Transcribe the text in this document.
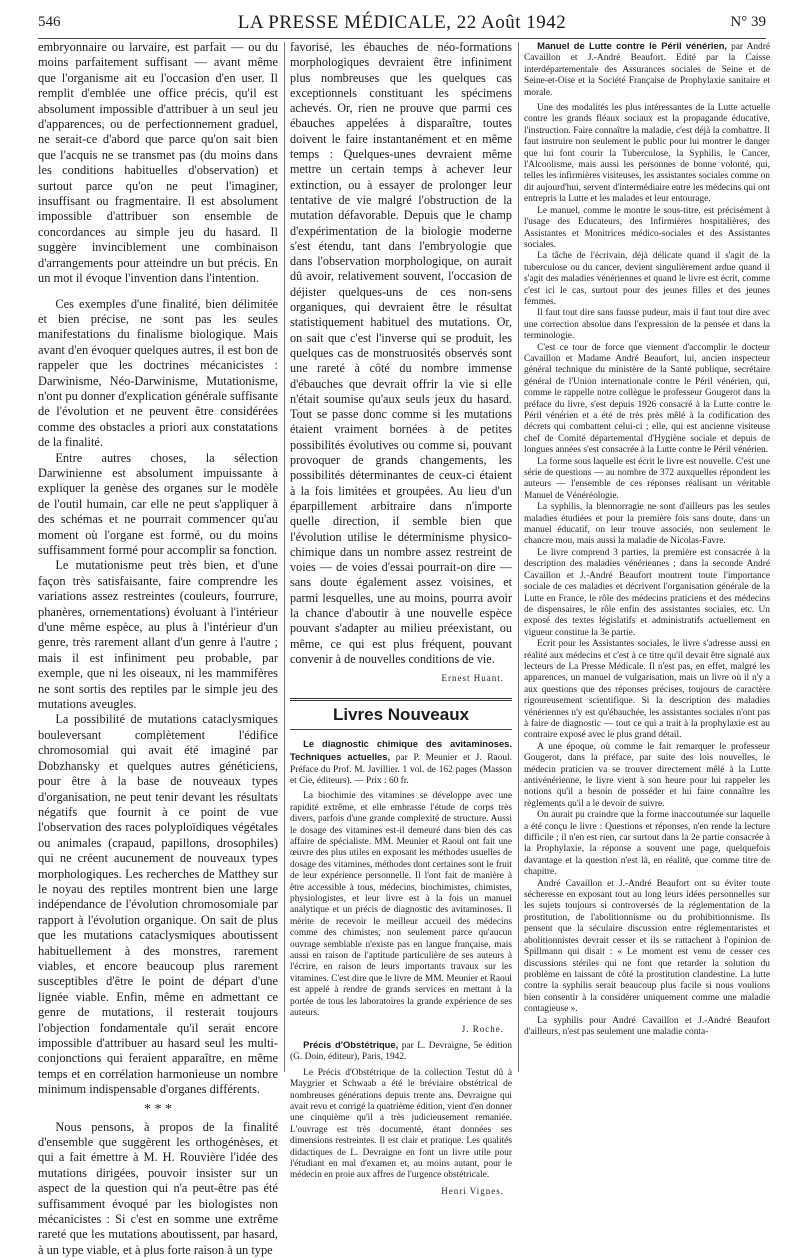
546	LA PRESSE MÉDICALE, 22 Août 1942	N° 39

embryonnaire ou larvaire, est parfait — ou du moins parfaitement suffisant — avant même que l'organisme ait eu l'occasion d'en user. Il remplit d'emblée une office précis, qu'il est absolument impossible d'attribuer à un seul jeu d'apparences, ou de perfectionnement graduel, ne serait-ce d'abord que parce qu'on sait bien que l'acquis ne se transmet pas (du moins dans les conditions habituelles d'observation) et surtout parce qu'on ne peut l'imaginer, insuffisant ou fragmentaire. Il est absolument impossible d'attribuer son ensemble de concordances au simple jeu du hasard. Il suggère invinciblement une combinaison d'arrangements pour atteindre un but précis. En un mot il évoque l'invention dans l'intention.

Ces exemples d'une finalité, bien délimitée et bien précise, ne sont pas les seules manifestations du finalisme biologique. Mais avant d'en évoquer quelques autres, il est bon de rappeler que les doctrines mécanicistes : Darwinisme, Néo-Darwinisme, Mutationisme, n'ont pu donner d'explication générale suffisante de l'évolution et ne peuvent être considérées comme des obstacles a priori aux constatations de la finalité.

Entre autres choses, la sélection Darwinienne est absolument impuissante à expliquer la genèse des organes sur le modèle de l'outil humain, car elle ne peut s'appliquer à des schémas et ne pourrait commencer qu'au moment où l'organe est formé, ou du moins suffisamment formé pour accomplir sa fonction.

Le mutationisme peut très bien, et d'une façon très satisfaisante, faire comprendre les variations assez restreintes (couleurs, fourrure, phanères, ornementations) évoluant à l'intérieur d'une même espèce, au plus à l'intérieur d'un genre, très rarement allant d'un genre à l'autre ; mais il est infiniment peu probable, par exemple, que ni les oiseaux, ni les mammifères ne sont sortis des reptiles par le simple jeu des mutations aveugles.

La possibilité de mutations cataclysmiques bouleversant complètement l'édifice chromosomial qui avait été imaginé par Dobzhansky et quelques autres généticiens, pour être à la base de nouveaux types d'organisation, ne peut tenir devant les résultats négatifs que fournit à ce point de vue l'observation des races polyploïdiques végétales ou animales (crapaud, papillons, drosophiles) qui ne créent aucunement de nouveaux types morphologiques. Les recherches de Matthey sur le noyau des reptiles montrent bien une large indépendance de l'évolution chromosomiale par rapport à l'évolution organique. On sait de plus que les mutations cataclysmiques aboutissent habituellement à des monstres, rarement viables, et encore beaucoup plus rarement susceptibles d'être le point de départ d'une lignée viable. Enfin, même en admettant ce genre de mutations, il resterait toujours l'objection fondamentale qu'il serait encore impossible d'attribuer au hasard seul les multi-conjonctions qui feraient apparaître, en même temps et en corrélation harmonieuse un nombre minimum indispensable d'organes différents.

* * *

Nous pensons, à propos de la finalité d'ensemble que suggèrent les orthogénèses, et qui a fait émettre à M. H. Rouvière l'idée des mutations dirigées, pouvoir insister sur un aspect de la question qui n'a peut-être pas été suffisamment évoqué par les biologistes non mécanicistes : Si c'est en somme une extrême rareté que les mutations aboutissent, par hasard, à un type viable, et à plus forte raison à un type

favorisé, les ébauches de néo-formations morphologiques devraient être infiniment plus nombreuses que les quelques cas exceptionnels constituant les spécimens achevés. Or, rien ne prouve que parmi ces ébauches appelées à disparaître, toutes doivent le faire instantanément et en même temps : Quelques-unes devraient même mettre un certain temps à achever leur extinction, ou à essayer de prolonger leur tentative de vie malgré l'obstruction de la mutation défavorable. Depuis que le champ d'expérimentation de la biologie moderne s'est étendu, tant dans l'embryologie que dans l'observation morphologique, on aurait dû avoir, relativement souvent, l'occasion de déjister quelques-uns de ces non-sens organiques, qui devraient être le résultat statistiquement habituel des mutations. Or, on sait que c'est l'inverse qui se produit, les quelques cas de monstruosités observés sont une rareté à côté du nombre immense d'ébauches que devrait offrir la vie si elle n'était soumise qu'aux seuls jeux du hasard. Tout se passe donc comme si les mutations étaient vraiment bornées à de petites possibilités évolutives ou comme si, pouvant provoquer de grands changements, les possibilités déterminantes de ceux-ci étaient à la fois limitées et groupées. Au lieu d'un éparpillement arbitraire dans n'importe quelle direction, il semble bien que l'évolution utilise le déterminisme physico-chimique dans un nombre assez restreint de voies — de voies d'essai pourrait-on dire — sans doute également assez voisines, et parmi lesquelles, une au moins, pourra avoir la chance d'aboutir à une nouvelle espèce pouvant s'adapter au milieu préexistant, ou même, ce qui est plus fréquent, pouvant convenir à de nouvelles conditions de vie.

Ernest Huant.
Livres Nouveaux

Le diagnostic chimique des avitaminoses. Techniques actuelles, par P. Meunier et J. Raoul. Préface du Prof. M. Javillier. 1 vol. de 162 pages (Masson et Cie, éditeurs). — Prix : 60 fr.

La biochimie des vitamines se développe avec une rapidité extrême, et elle embrasse l'étude de corps très divers, parfois d'une grande complexité de structure. Aussi le dosage des vitamines est-il demeuré dans bien des cas affaire de spécialiste. MM. Meunier et Raoul ont fait une œuvre des plus utiles en exposant les méthodes usuelles de dosage des vitamines, méthodes dont certaines sont le fruit de leur expérience personnelle. Il l'ont fait de manière à être accessible à tous, médecins, biochimistes, chimistes, physiologistes, et leur livre est à la fois un manuel analytique et un précis de diagnostic des avitaminoses. Il mérite de recevoir le meilleur accueil des médecins comme des chimistes, non seulement parce qu'aucun ouvrage semblable n'existe pas en langue française, mais aussi en raison de l'aptitude particulière de ses auteurs à l'écrire, en raison de leurs importants travaux sur les vitamines. C'est dire que le livre de MM. Meunier et Raoul est appelé à rendre de grands services en mettant à la portée de tous les laboratoires la grande expérience de ses auteurs.

J. Roche.

Précis d'Obstétrique, par L. Devraigne, 5e édition (G. Doin, éditeur), Paris, 1942.

Le Précis d'Obstétrique de la collection Testut dû à Maygrier et Schwaab a été le bréviaire obstétrical de nombreuses générations depuis trente ans. Devraigne qui avait revu et corrigé la quatrième édition, vient d'en donner une cinquième qu'il a très judicieusement remaniée. L'ouvrage est très documenté, étant données ses dimensions restreintes. Il est clair et pratique. Les qualités didactiques de L. Devraigne en font un livre utile pour l'étudiant en mal d'examen et, au moins autant, pour le médecin en proie aux affres de l'urgence obstétricale.

Henri Vignes.

Manuel de Lutte contre le Péril vénérien, par André Cavaillon et J.-André Beaufort. Edité par la Caisse interdépartementale des Assurances sociales de Seine et de Seine-et-Oise et la Société Française de Prophylaxie sanitaire et morale.

Une des modalités les plus intéressantes de la Lutte actuelle contre les grands fléaux sociaux est la propagande éducative, l'instruction. Faire connaître la maladie, c'est déjà la combattre. Il faut instruire non seulement le public pour lui montrer le danger que lui font courir la Tuberculose, la Syphilis, le Cancer, l'Alcoolisme, mais aussi les personnes de bonne volonté, qui, telles les infirmières visiteuses, les assistantes sociales comme on dit aujourd'hui, servent d'intermédiaire entre les médecins qui ont entrepris la Lutte et les malades et leur entourage.

Le manuel, comme le montre le sous-titre, est précisément à l'usage des Educateurs, des Infirmières hospitalières, des Assistantes et Monitrices médico-sociales et des Assistantes sociales.

La tâche de l'écrivain, déjà délicate quand il s'agit de la tuberculose ou du cancer, devient singulièrement ardue quand il s'agit des maladies vénériennes et quand le livre est écrit, comme c'est ici le cas, surtout pour des jeunes filles et des jeunes femmes.

Il faut tout dire sans fausse pudeur, mais il faut tout dire avec une correction absolue dans l'expression de la pensée et dans la terminologie.

C'est ce tour de force que viennent d'accomplir le docteur Cavaillon et Madame André Beaufort, lui, ancien inspecteur général technique du ministère de la Santé publique, secrétaire général de l'Union internationale contre le Péril vénérien, qui, comme le rappelle notre collègue le professeur Gougerot dans la préface du livre, s'est depuis 1926 consacré à la Lutte contre le Péril vénérien et a été de très près mêlé à la codification des décrets qui combattent celui-ci ; elle, qui est ancienne visiteuse chef de Comité départemental d'Hygiène sociale et depuis de longues années s'est consacrée à la Lutte contre le Péril vénérien.

La forme sous laquelle est écrit le livre est nouvelle. C'est une série de questions — au nombre de 372 auxquelles répondent les auteurs — l'ensemble de ces réponses réalisant un véritable Manuel de Vénéréologie.

La syphilis, la blennorragie ne sont d'ailleurs pas les seules maladies étudiées et pour la première fois sans doute, dans un manuel éducatif, on leur trouve associés, non seulement le chancre mou, mais aussi la maladie de Nicolas-Favre.

Le livre comprend 3 parties, la première est consacrée à la description des maladies vénériennes ; dans la seconde André Cavaillon et J.-André Beaufort montrent toute l'importance sociale de ces maladies et décrivent l'organisation générale de la Lutte en France, le rôle des médecins praticiens et des médecins de dispensaires, le rôle enfin des assistantes sociales, etc. Un exposé des textes législatifs et administratifs actuellement en vigueur constitue la 3e partie.

Ecrit pour les Assistantes sociales, le livre s'adresse aussi en réalité aux médecins et c'est à ce titre qu'il devait être signalé aux lecteurs de La Presse Médicale. Il n'est pas, en effet, malgré les apparences, un manuel de vulgarisation, mais un livre où il n'y a aux questions que des réponses précises, toujours de caractère rigoureusement scientifique. Si la description des maladies vénériennes n'y est qu'ébauchée, les assistantes sociales n'ont pas à faire de diagnostic — tout ce qui a trait à la prophylaxie est au contraire exposé avec le plus grand détail.

A une époque, où comme le fait remarquer le professeur Gougerot, dans la préface, par suite des lois nouvelles, le médecin praticien va se trouver directement mêlé à la Lutte antivénérienne, le livre vient à son heure pour lui rappeler les notions qu'il a besoin de posséder et lui faire connaître les règlements qu'il a le devoir de suivre.

On aurait pu craindre que la forme inaccoutumée sur laquelle a été conçu le livre : Questions et réponses, n'en rende la lecture difficile ; il n'en est rien, car surtout dans la 2e partie consacrée à la Prophylaxie, la réponse a souvent une page, quelquefois davantage et la question n'est là, en réalité, que comme titre de chapitre.

André Cavaillon et J.-André Beaufort ont su éviter toute sécheresse en exposant tout au long leurs idées personnelles sur les sujets toujours si controversés de la réglementation de la prostitution, de l'abolitionnisme ou du prohibitionnisme. Ils pensent que la séculaire discussion entre réglementaristes et abolitionnistes devrait cesser et ils se rattachent à l'opinion de Spillmann qui disait : « Le moment est venu de cesser ces discussions stériles qui ne font que retarder la solution du problème en laissant de côté la prostitution clandestine. La lutte contre la syphilis serait beaucoup plus facile si nous voulions bien consentir à la considérer uniquement comme une maladie contagieuse ».

La syphilis pour André Cavaillon et J.-André Beaufort d'ailleurs, n'est pas seulement une maladie conta-
